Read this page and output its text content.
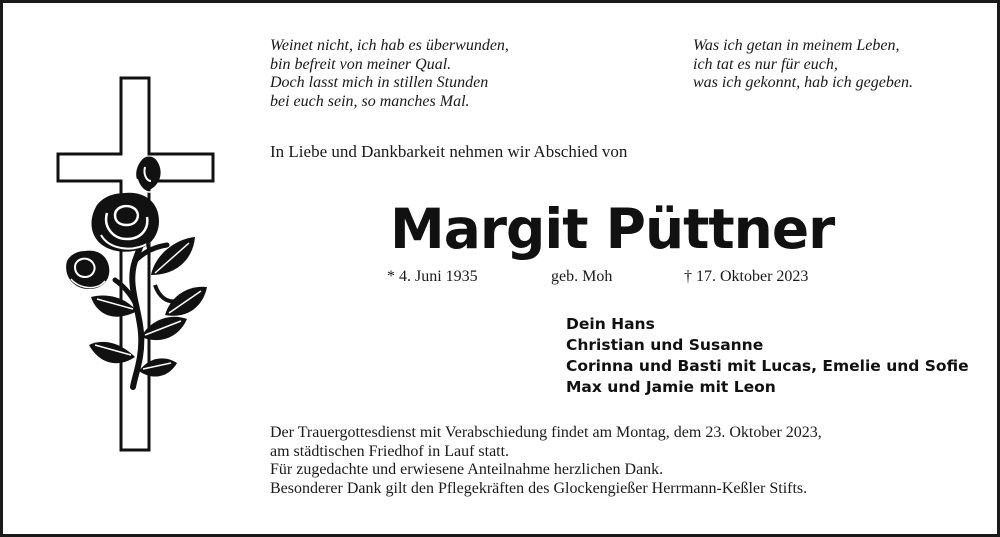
Weinet nicht, ich hab es überwunden,
bin befreit von meiner Qual.
Doch lasst mich in stillen Stunden
bei euch sein, so manches Mal.
Was ich getan in meinem Leben,
ich tat es nur für euch,
was ich gekonnt, hab ich gegeben.
In Liebe und Dankbarkeit nehmen wir Abschied von
Margit Püttner
* 4. Juni 1935	geb. Moh	† 17. Oktober 2023
Dein Hans
Christian und Susanne
Corinna und Basti mit Lucas, Emelie und Sofie
Max und Jamie mit Leon
Der Trauergottesdienst mit Verabschiedung findet am Montag, dem 23. Oktober 2023,
am städtischen Friedhof in Lauf statt.
Für zugedachte und erwiesene Anteilnahme herzlichen Dank.
Besonderer Dank gilt den Pflegekräften des Glockengießer Herrmann-Keßler Stifts.
